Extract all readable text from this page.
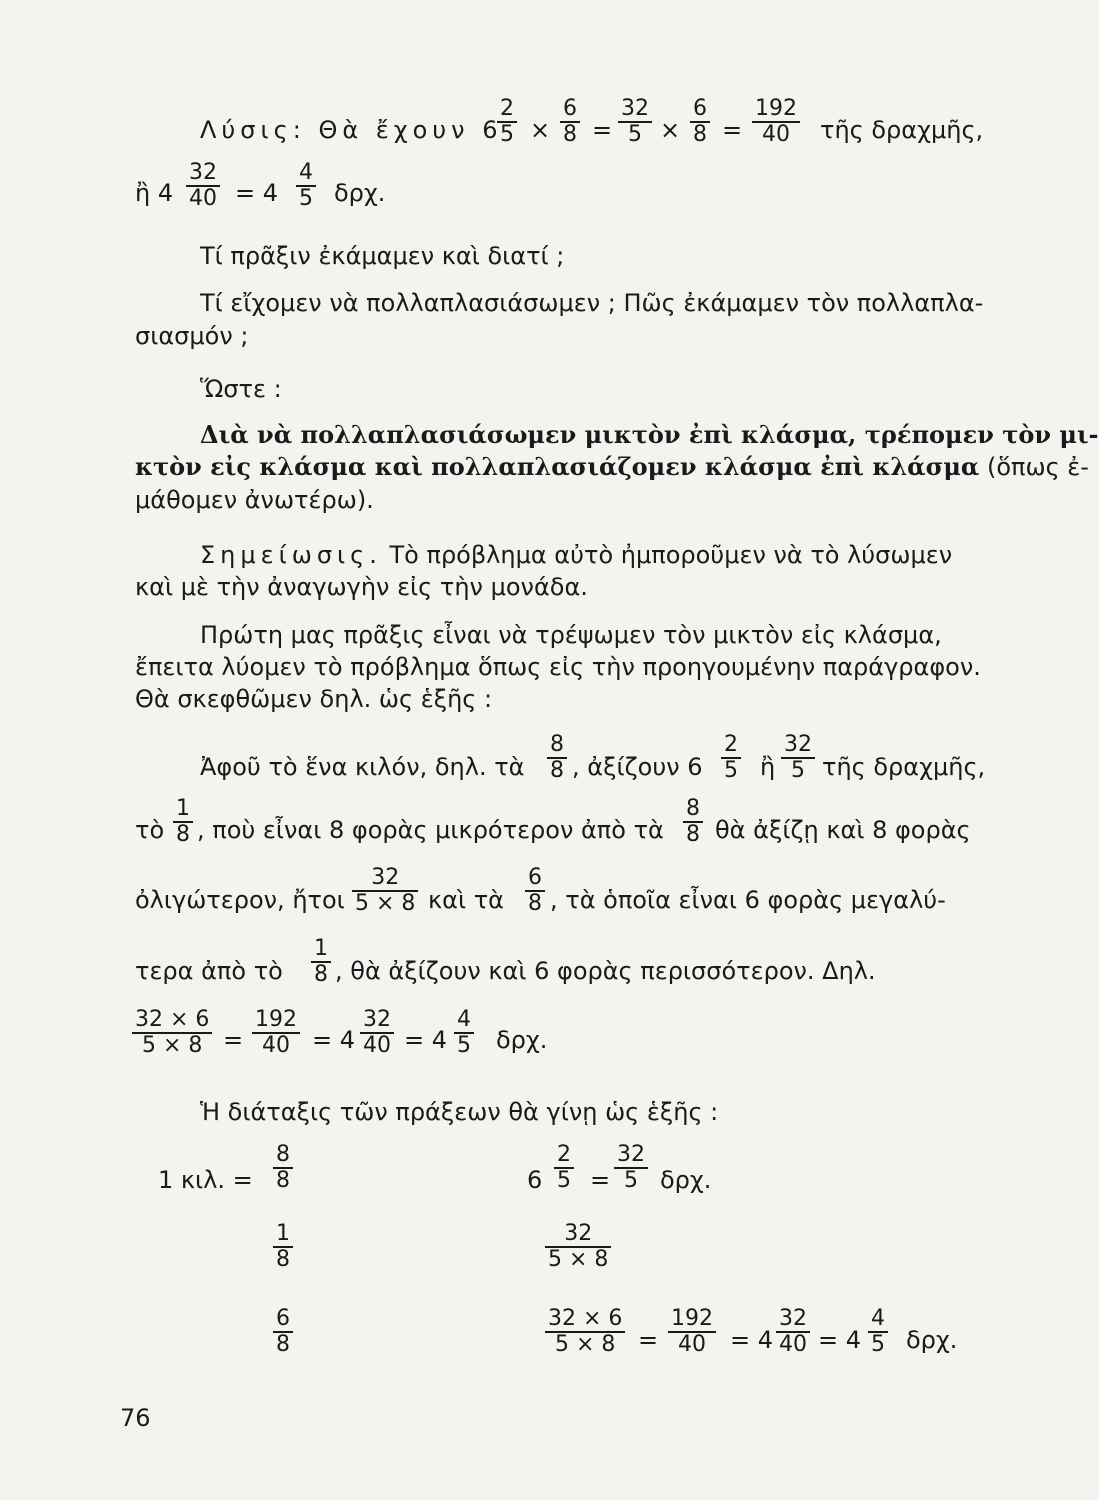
Λύσις: Θὰ ἔχουν 6
$\frac{2}{5} \times \frac{6}{8} = \frac{32}{5} \times \frac{6}{8} = \frac{192}{40}$ τῆς δραχμῆς,
ἢ $4 \frac{32}{40} = 4 \frac{4}{5} \delta\rho\chi$.
Τί πρᾶξιν ἐκάμαμεν καὶ διατί ;
Τί εἴχομεν νὰ πολλαπλασιάσωμεν ; Πῶς ἐκάμαμεν τὸν πολλαπλα-
σιασμόν ;
Ὥστε :
Διὰ νὰ πολλαπλασιάσωμεν μικτὸν ἐπὶ κλάσμα, τρέπομεν τὸν μι-
κτὸν εἰς κλάσμα καὶ πολλαπλασιάζομεν κλάσμα ἐπὶ κλάσμα (ὅπως ἐ-
μάθομεν ἀνωτέρω).
Σημείωσις. Τὸ πρόβλημα αὐτὸ ἠμποροῦμεν νὰ τὸ λύσωμεν
καὶ μὲ τὴν ἀναγωγὴν εἰς τὴν μονάδα.
Πρώτη μας πρᾶξις εἶναι νὰ τρέψωμεν τὸν μικτὸν εἰς κλάσμα,
ἔπειτα λύομεν τὸ πρόβλημα ὅπως εἰς τὴν προηγουμένην παράγραφον.
Θὰ σκεφθῶμεν δηλ. ὡς ἑξῆς :
Ἀφοῦ τὸ ἕνα κιλόν, δηλ. τὰ $\frac{8}{8}$ , ἀξίζουν $6 \frac{2}{5}$ ἢ $\frac{32}{5}$ τῆς δραχμῆς,
τὸ $\frac{1}{8}$ , ποὺ εἶναι 8 φορὰς μικρότερον ἀπὸ τὰ $\frac{8}{8}$ θὰ ἀξίζῃ καὶ 8 φορὰς
ὀλιγώτερον, ἤτοι $\frac{32}{5 \times 8}$ καὶ τὰ $\frac{6}{8}$ , τὰ ὁποῖα εἶναι 6 φορὰς μεγαλύ-
τερα ἀπὸ τὸ $\frac{1}{8}$ , θὰ ἀξίζουν καὶ 6 φορὰς περισσότερον. Δηλ.
$\frac{32 \times 6}{5 \times 8} = \frac{192}{40} = 4 \frac{32}{40} = 4 \frac{4}{5} \delta\rho\chi$.
Ἡ διάταξις τῶν πράξεων θὰ γίνῃ ὡς ἑξῆς :
1 κιλ. = $\frac{8}{8}$	$6 \frac{2}{5} = \frac{32}{5} \delta\rho\chi$.
$\frac{1}{8}$	$\frac{32}{5 \times 8}$
$\frac{6}{8}$	$\frac{32 \times 6}{5 \times 8} = \frac{192}{40} = 4 \frac{32}{40} = 4 \frac{4}{5} \delta\rho\chi$.
76
